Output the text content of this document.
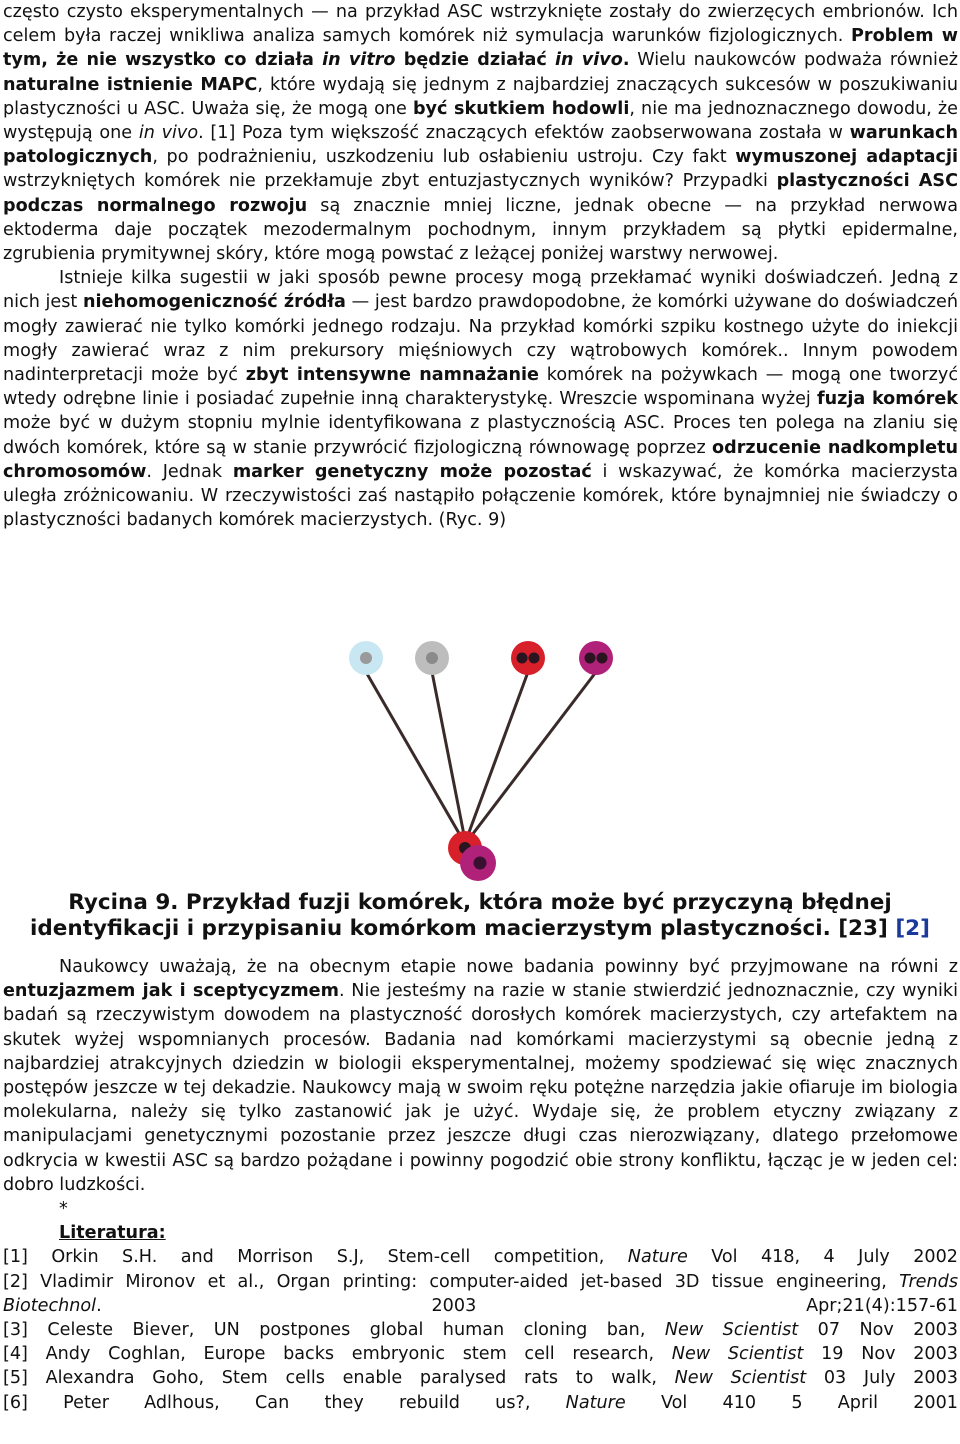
często czysto eksperymentalnych — na przykład ASC wstrzyknięte zostały do zwierzęcych embrionów. Ich celem była raczej wnikliwa analiza samych komórek niż symulacja warunków fizjologicznych. Problem w tym, że nie wszystko co działa in vitro będzie działać in vivo. Wielu naukowców podważa również naturalne istnienie MAPC, które wydają się jednym z najbardziej znaczących sukcesów w poszukiwaniu plastyczności u ASC. Uważa się, że mogą one być skutkiem hodowli, nie ma jednoznacznego dowodu, że występują one in vivo. [1] Poza tym większość znaczących efektów zaobserwowana została w warunkach patologicznych, po podrażnieniu, uszkodzeniu lub osłabieniu ustroju. Czy fakt wymuszonej adaptacji wstrzykniętych komórek nie przekłamuje zbyt entuzjastycznych wyników? Przypadki plastyczności ASC podczas normalnego rozwoju są znacznie mniej liczne, jednak obecne — na przykład nerwowa ektoderma daje początek mezodermalnym pochodnym, innym przykładem są płytki epidermalne, zgrubienia prymitywnej skóry, które mogą powstać z leżącej poniżej warstwy nerwowej.

Istnieje kilka sugestii w jaki sposób pewne procesy mogą przekłamać wyniki doświadczeń. Jedną z nich jest niehomogeniczność źródła — jest bardzo prawdopodobne, że komórki używane do doświadczeń mogły zawierać nie tylko komórki jednego rodzaju. Na przykład komórki szpiku kostnego użyte do iniekcji mogły zawierać wraz z nim prekursory mięśniowych czy wątrobowych komórek.. Innym powodem nadinterpretacji może być zbyt intensywne namnażanie komórek na pożywkach — mogą one tworzyć wtedy odrębne linie i posiadać zupełnie inną charakterystykę. Wreszcie wspominana wyżej fuzja komórek może być w dużym stopniu mylnie identyfikowana z plastycznością ASC. Proces ten polega na zlaniu się dwóch komórek, które są w stanie przywrócić fizjologiczną równowagę poprzez odrzucenie nadkompletu chromosomów. Jednak marker genetyczny może pozostać i wskazywać, że komórka macierzysta uległa zróżnicowaniu. W rzeczywistości zaś nastąpiło połączenie komórek, które bynajmniej nie świadczy o plastyczności badanych komórek macierzystych. (Ryc. 9)

Rycina 9. Przykład fuzji komórek, która może być przyczyną błędnej
identyfikacji i przypisaniu komórkom macierzystym plastyczności. [23] [2]

Naukowcy uważają, że na obecnym etapie nowe badania powinny być przyjmowane na równi z entuzjazmem jak i sceptycyzmem. Nie jesteśmy na razie w stanie stwierdzić jednoznacznie, czy wyniki badań są rzeczywistym dowodem na plastyczność dorosłych komórek macierzystych, czy artefaktem na skutek wyżej wspomnianych procesów. Badania nad komórkami macierzystymi są obecnie jedną z najbardziej atrakcyjnych dziedzin w biologii eksperymentalnej, możemy spodziewać się więc znacznych postępów jeszcze w tej dekadzie. Naukowcy mają w swoim ręku potężne narzędzia jakie ofiaruje im biologia molekularna, należy się tylko zastanowić jak je użyć. Wydaje się, że problem etyczny związany z manipulacjami genetycznymi pozostanie przez jeszcze długi czas nierozwiązany, dlatego przełomowe odkrycia w kwestii ASC są bardzo pożądane i powinny pogodzić obie strony konfliktu, łącząc je w jeden cel: dobro ludzkości.

*

Literatura:

[1] Orkin S.H. and Morrison S.J, Stem-cell competition, Nature Vol 418, 4 July 2002

[2] Vladimir Mironov et al., Organ printing: computer-aided jet-based 3D tissue engineering, Trends Biotechnol. 2003 Apr;21(4):157-61

[3] Celeste Biever, UN postpones global human cloning ban, New Scientist 07 Nov 2003

[4] Andy Coghlan, Europe backs embryonic stem cell research, New Scientist 19 Nov 2003

[5] Alexandra Goho, Stem cells enable paralysed rats to walk, New Scientist 03 July 2003

[6] Peter Adlhous, Can they rebuild us?, Nature Vol 410 5 April 2001
